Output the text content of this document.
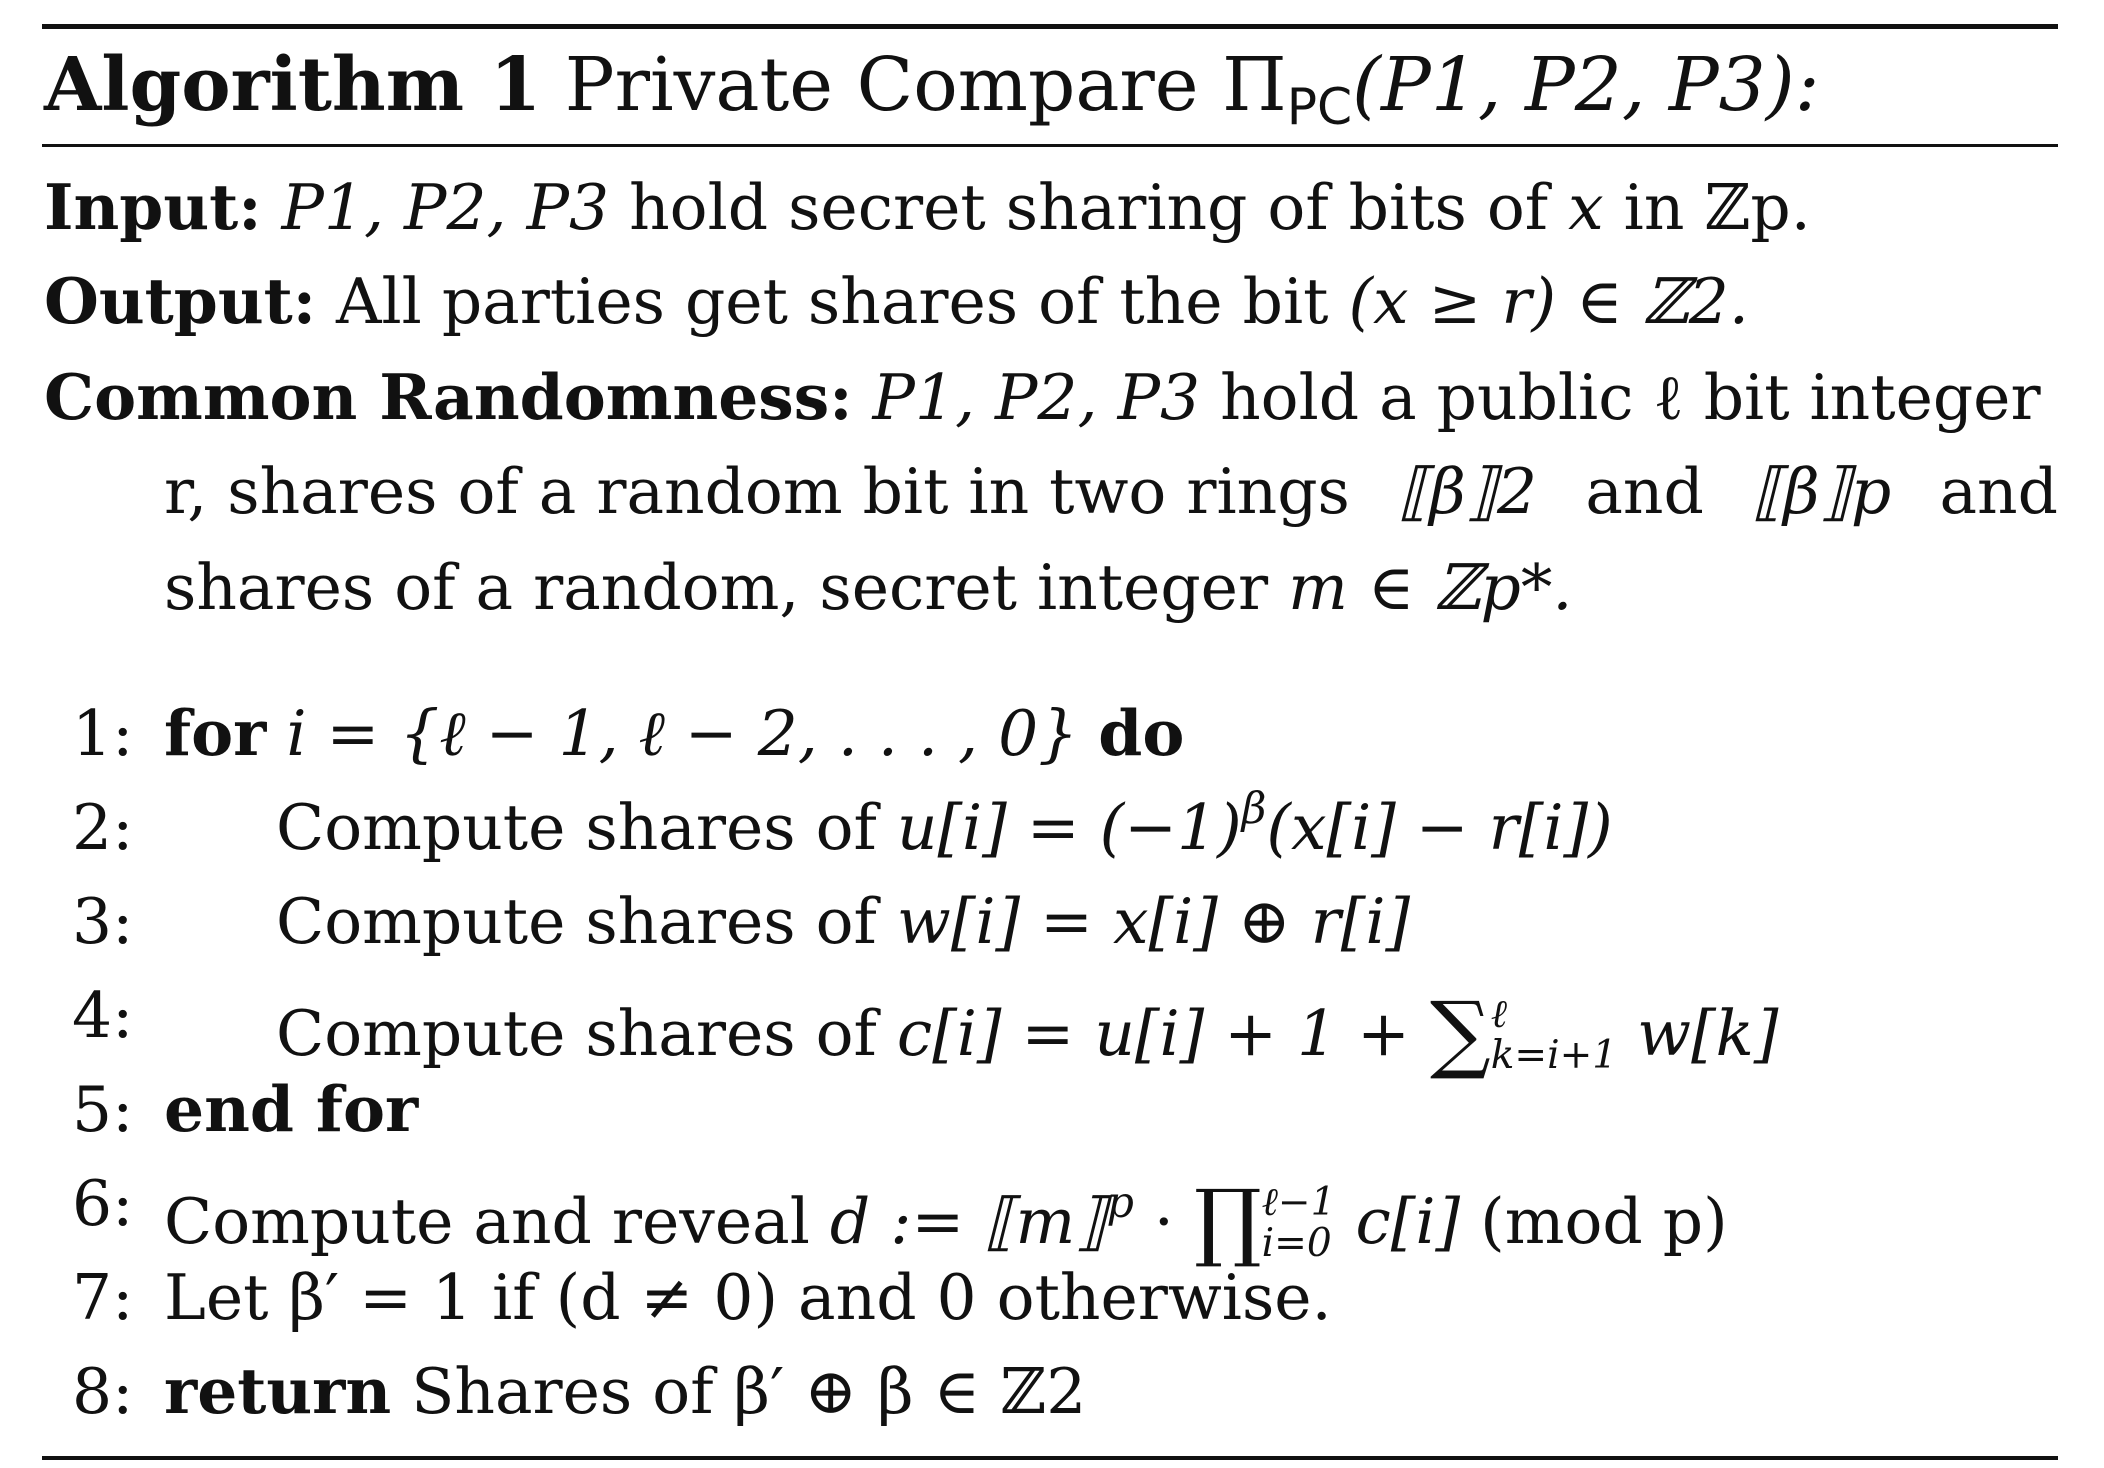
Algorithm 1 Private Compare $\Pi_{PC}(P1$, P2, P3):
Input: P1, P2, P3 hold secret sharing of bits of x in ℤp.
Output: All parties get shares of the bit (x ≥ r) ∈ ℤ2.
Common Randomness: P1, P2, P3 hold a public ℓ bit integer
r, shares of a random bit in two rings ⟦β⟧2 and ⟦β⟧p and
shares of a random, secret integer m ∈ ℤp*.
1: for i = {ℓ − 1, ℓ − 2, . . . , 0} do
2:	Compute shares of $u[i] = (-1)^\beta(x[i] - r[i])$
3:	Compute shares of w[i] = x[i] ⊕ r[i]
4:	Compute shares of c[i] = u[i] + 1 + ∑ ℓ
k=i+1 w[k]
5: end for
6: Compute and reveal d := ⟦m⟧$^p$ · ∏ ℓ−1
i=0 c[i] (mod p)
7: Let β′ = 1 if (d ≠ 0) and 0 otherwise.
8: return Shares of β′ ⊕ β ∈ ℤ2
